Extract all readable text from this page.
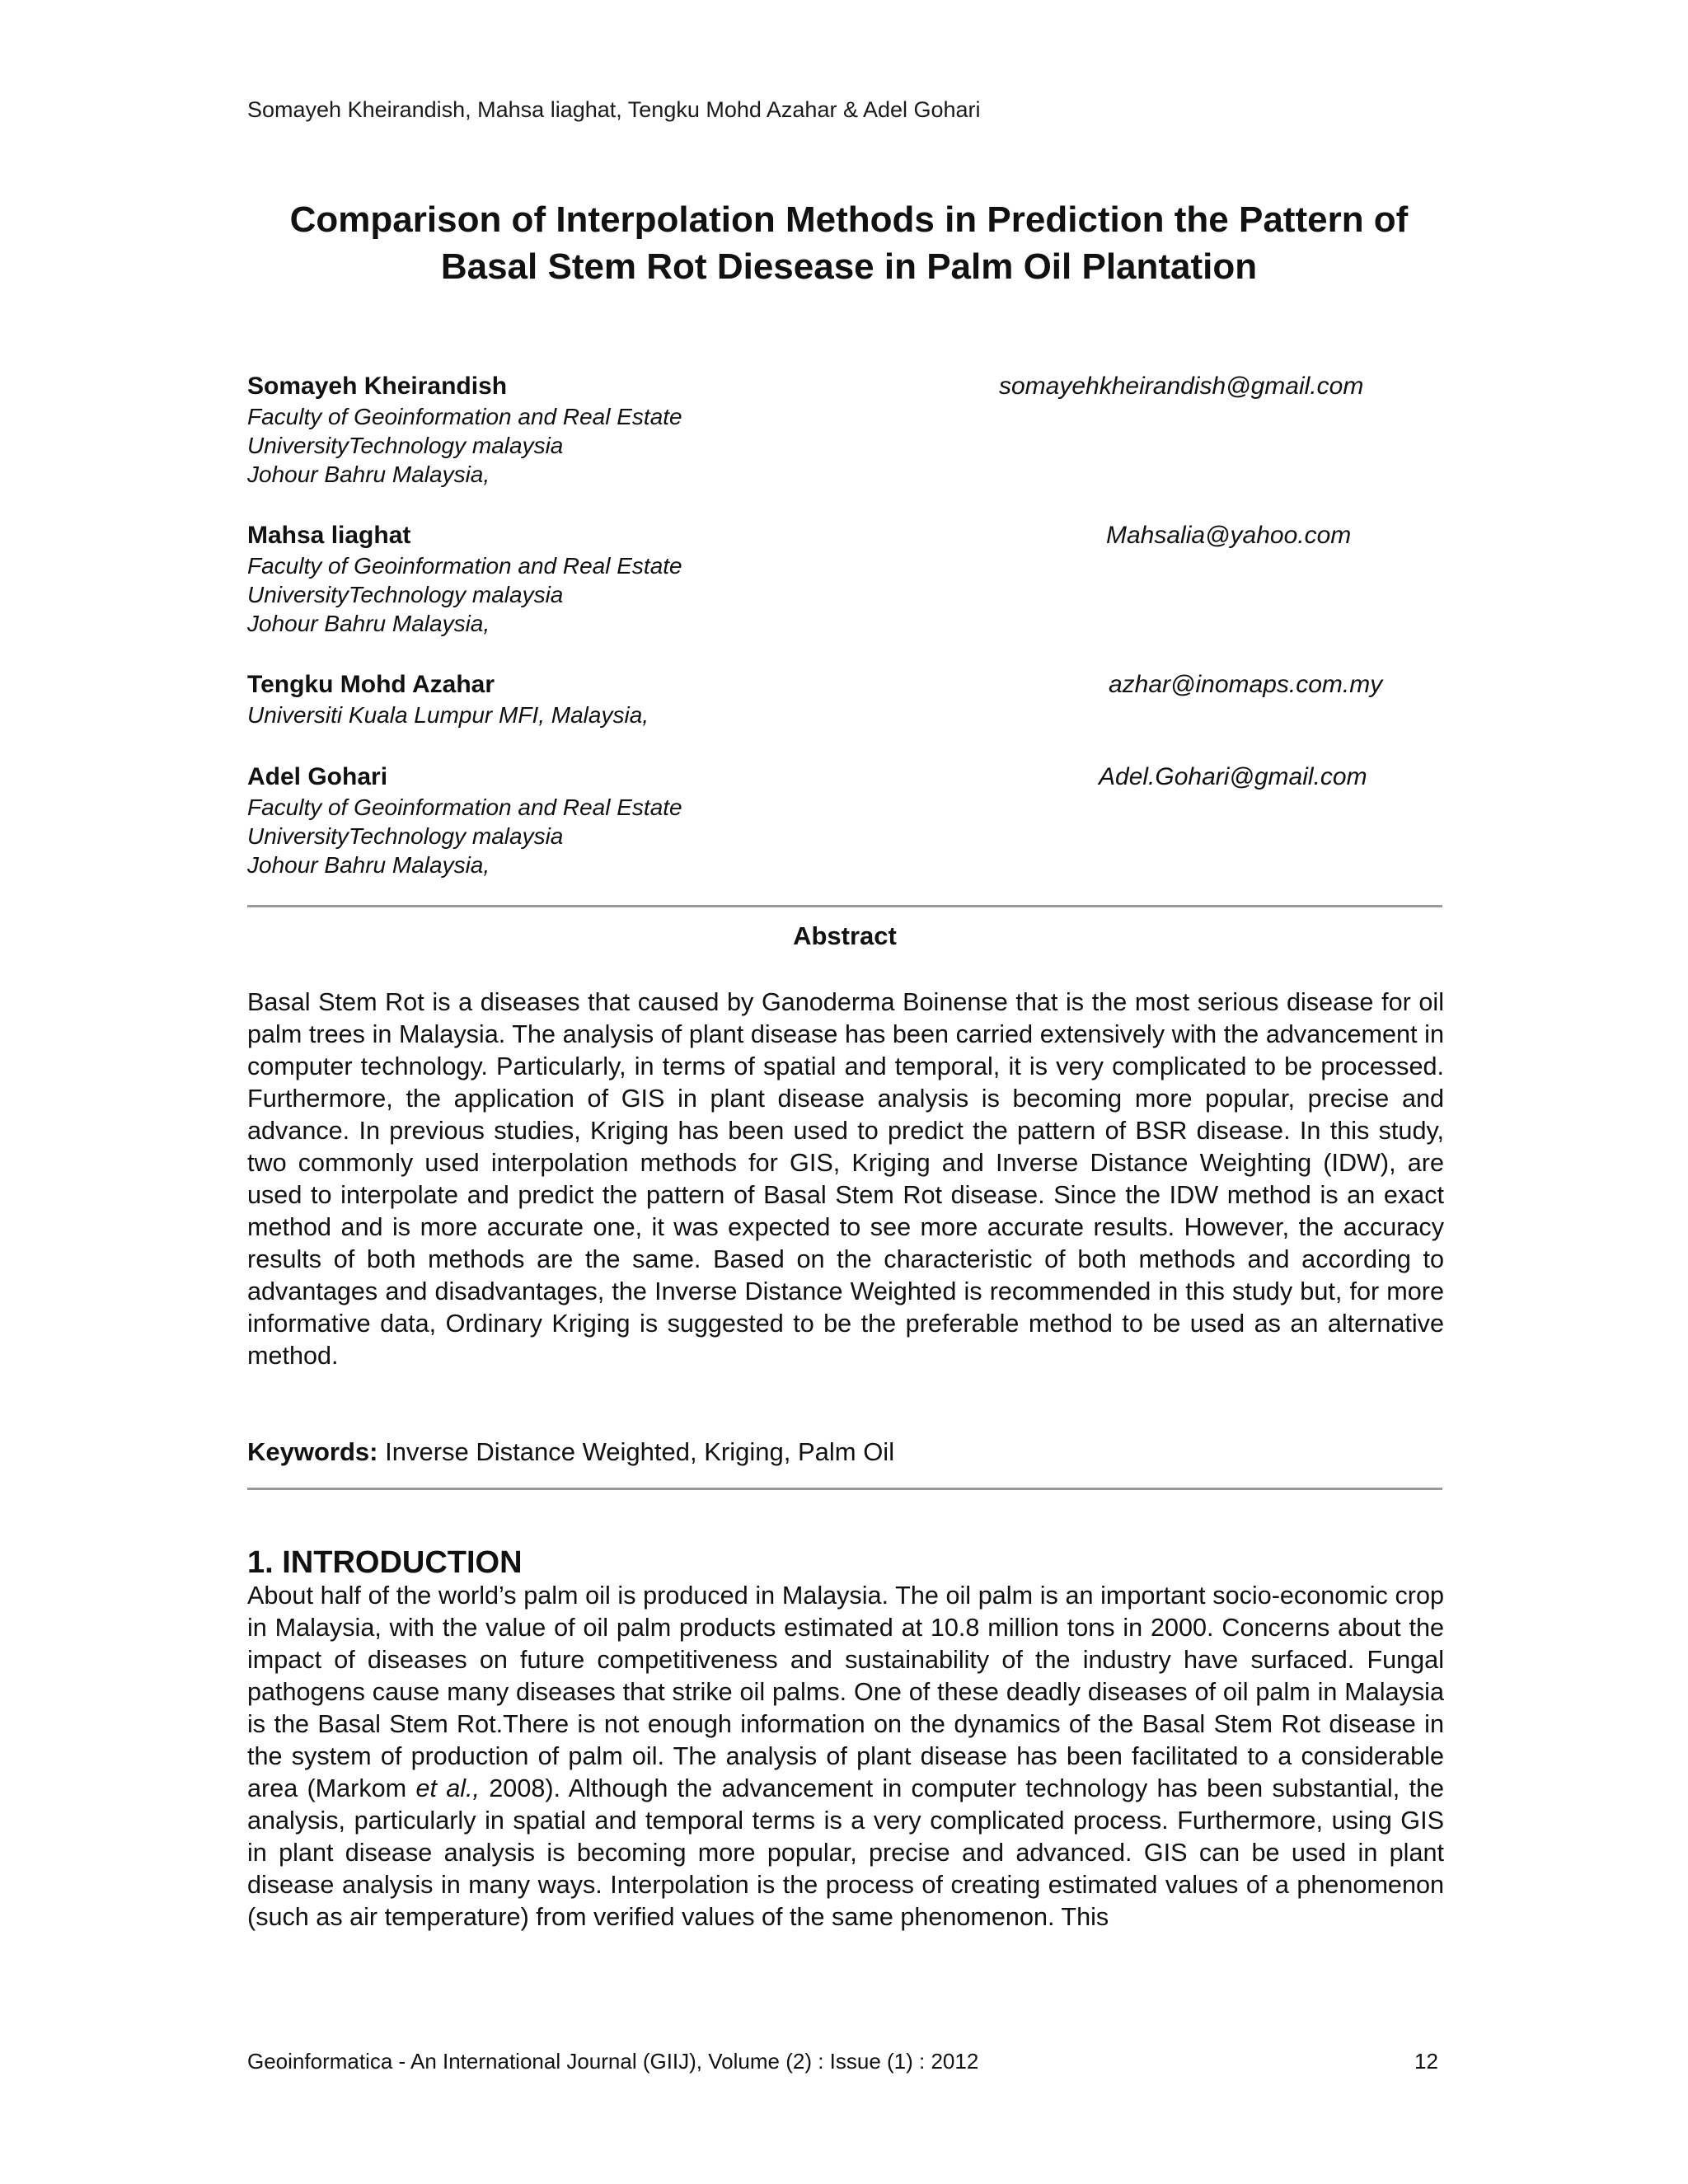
Somayeh Kheirandish, Mahsa liaghat, Tengku Mohd Azahar & Adel Gohari
Comparison of Interpolation Methods in Prediction the Pattern of
Basal Stem Rot Diesease in Palm Oil Plantation
Somayeh Kheirandish	somayehkheirandish@gmail.com
Faculty of Geoinformation and Real Estate
UniversityTechnology malaysia
Johour Bahru Malaysia,
Mahsa liaghat	Mahsalia@yahoo.com
Faculty of Geoinformation and Real Estate
UniversityTechnology malaysia
Johour Bahru Malaysia,
Tengku Mohd Azahar	azhar@inomaps.com.my
Universiti Kuala Lumpur MFI, Malaysia,
Adel Gohari	Adel.Gohari@gmail.com
Faculty of Geoinformation and Real Estate
UniversityTechnology malaysia
Johour Bahru Malaysia,
Abstract

Basal Stem Rot is a diseases that caused by Ganoderma Boinense that is the most serious disease for oil palm trees in Malaysia. The analysis of plant disease has been carried extensively with the advancement in computer technology. Particularly, in terms of spatial and temporal, it is very complicated to be processed. Furthermore, the application of GIS in plant disease analysis is becoming more popular, precise and advance. In previous studies, Kriging has been used to predict the pattern of BSR disease. In this study, two commonly used interpolation methods for GIS, Kriging and Inverse Distance Weighting (IDW), are used to interpolate and predict the pattern of Basal Stem Rot disease. Since the IDW method is an exact method and is more accurate one, it was expected to see more accurate results. However, the accuracy results of both methods are the same. Based on the characteristic of both methods and according to advantages and disadvantages, the Inverse Distance Weighted is recommended in this study but, for more informative data, Ordinary Kriging is suggested to be the preferable method to be used as an alternative method.

Keywords: Inverse Distance Weighted, Kriging, Palm Oil
1. INTRODUCTION

About half of the world’s palm oil is produced in Malaysia. The oil palm is an important socio-economic crop in Malaysia, with the value of oil palm products estimated at 10.8 million tons in 2000. Concerns about the impact of diseases on future competitiveness and sustainability of the industry have surfaced. Fungal pathogens cause many diseases that strike oil palms. One of these deadly diseases of oil palm in Malaysia is the Basal Stem Rot.There is not enough information on the dynamics of the Basal Stem Rot disease in the system of production of palm oil. The analysis of plant disease has been facilitated to a considerable area (Markom et al., 2008). Although the advancement in computer technology has been substantial, the analysis, particularly in spatial and temporal terms is a very complicated process. Furthermore, using GIS in plant disease analysis is becoming more popular, precise and advanced. GIS can be used in plant disease analysis in many ways. Interpolation is the process of creating estimated values of a phenomenon (such as air temperature) from verified values of the same phenomenon. This

Geoinformatica - An International Journal (GIIJ), Volume (2) : Issue (1) : 2012	12
